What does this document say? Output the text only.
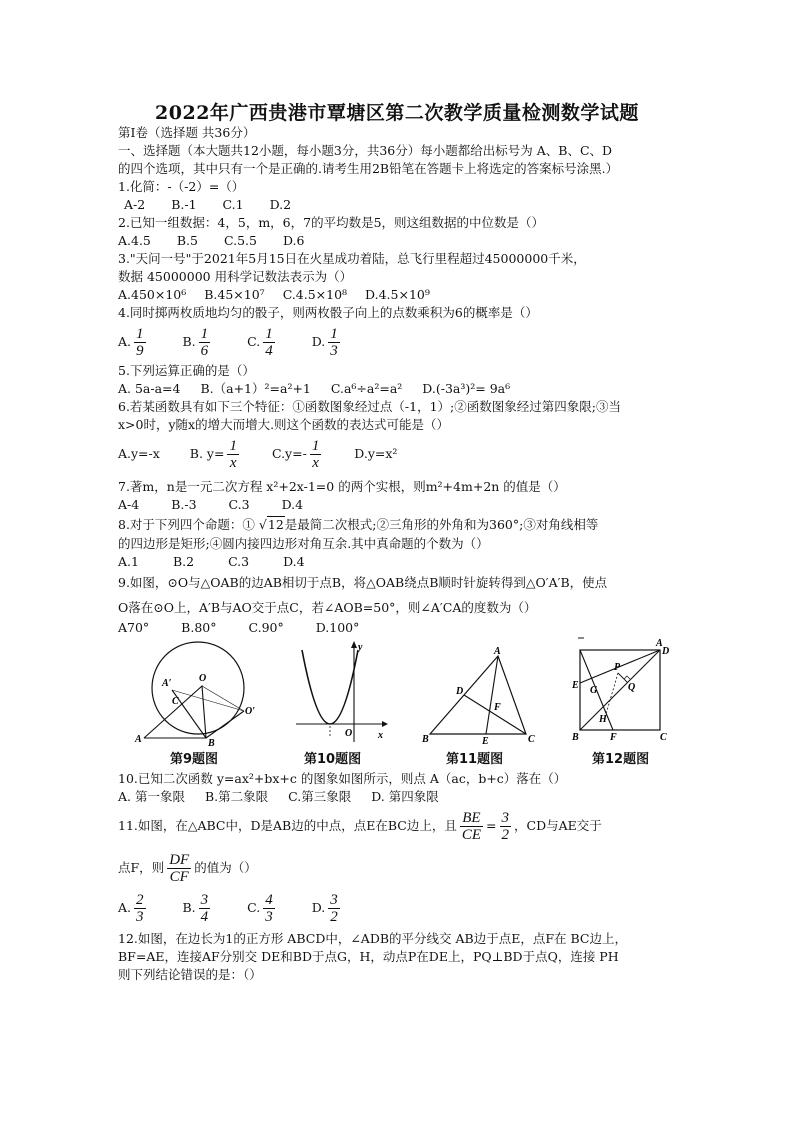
2022年广西贵港市覃塘区第二次教学质量检测数学试题
第Ⅰ卷（选择题 共36分）
一、选择题（本大题共12小题，每小题3分，共36分）每小题都给出标号为 A、B、C、D
的四个选项，其中只有一个是正确的.请考生用2B铅笔在答题卡上将选定的答案标号涂黑.）
1.化简：-（-2）=（）
A-2 B.-1 C.1 D.2
2.已知一组数据：4，5，m，6，7的平均数是5，则这组数据的中位数是（）
A.4.5 B.5 C.5.5 D.6
3."天问一号"于2021年5月15日在火星成功着陆，总飞行里程超过45000000千米，
数据 45000000 用科学记数法表示为（）
A.450×10⁶ B.45×10⁷ C.4.5×10⁸ D.4.5×10⁹
4.同时掷两枚质地均匀的骰子，则两枚骰子向上的点数乘积为6的概率是（）
A. $\frac{1}{9}$	B. $\frac{1}{6}$	C. $\frac{1}{4}$	D. $\frac{1}{3}$
5.下列运算正确的是（）
A. 5a-a=4 B.（a+1）²=a²+1 C.a⁶÷a²=a² D.(-3a³)²= 9a⁶
6.若某函数具有如下三个特征：①函数图象经过点（-1，1）;②函数图象经过第四象限;③当
x>0时，y随x的增大而增大.则这个函数的表达式可能是（）
A.y=-x B. $y= \frac{1}{x}$	$C.y=- \frac{1}{x}$	D.y=x²
7.著m，n是一元二次方程 x²+2x-1=0 的两个实根，则m²+4m+2n 的值是（）
A-4	B.-3	C.3	D.4
8.对于下列四个命题：① √12是最简二次根式;②三角形的外角和为360°;③对角线相等
的四边形是矩形;④圆内接四边形对角互余.其中真命题的个数为（）
A.1	B.2	C.3	D.4
9.如图，⊙O与△OAB的边AB相切于点B，将△OAB绕点B顺时针旋转得到△O′A′B，使点
O落在⊙O上，A′B与AO交于点C，若∠AOB=50°，则∠A′CA的度数为（）
A70°	B.80°	C.90°	D.100°
A′	O
C
O′
A	B
第9题图
y
O	x
第10题图
A
D
F
B	E	C
第11题图
A
D
P
E G	Q
H
B	F	C
第12题图
10.已知二次函数 y=ax²+bx+c 的图象如图所示，则点 A（ac，b+c）落在（）
A. 第一象限 B.第二象限 C.第三象限 D. 第四象限
11.如图，在△ABC中，D是AB边的中点，点E在BC边上，且 $\frac{BE}{CE} = \frac{3}{2}$ ，CD与AE交于
点F，则 $\frac{DF}{CF}$ 的值为（）
A. $\frac{2}{3}$	B. $\frac{3}{4}$	C. $\frac{4}{3}$	D. $\frac{3}{2}$
12.如图，在边长为1的正方形 ABCD中，∠ADB的平分线交 AB边于点E，点F在 BC边上，
BF=AE，连接AF分别交 DE和BD于点G，H，动点P在DE上，PQ⊥BD于点Q，连接 PH
则下列结论错误的是：（）
